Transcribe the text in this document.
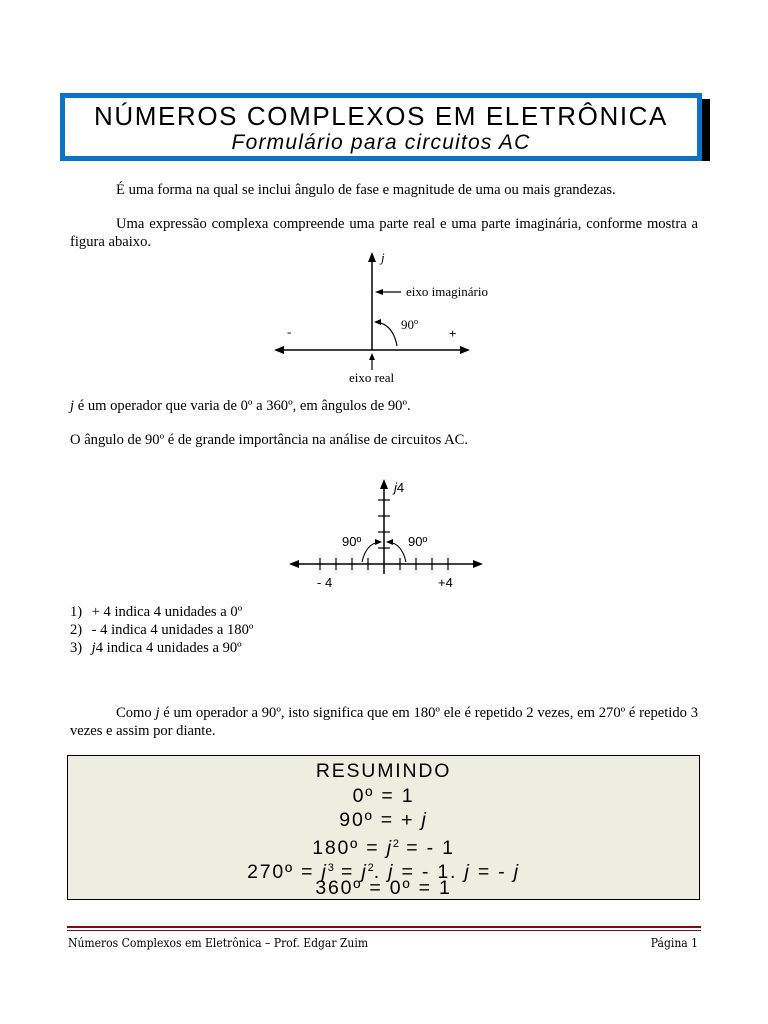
NÚMEROS COMPLEXOS EM ELETRÔNICA
Formulário para circuitos AC
É uma forma na qual se inclui ângulo de fase e magnitude de uma ou mais grandezas.
Uma expressão complexa compreende uma parte real e uma parte imaginária, conforme mostra a figura abaixo.
j
eixo imaginário
90º
-	+
eixo real
j é um operador que varia de 0º a 360º, em ângulos de 90º.
O ângulo de 90º é de grande importância na análise de circuitos AC.
j4
90º	90º
- 4	+4
1) + 4 indica 4 unidades a 0º
2) - 4 indica 4 unidades a 180º
3) j4 indica 4 unidades a 90º
Como j é um operador a 90º, isto significa que em 180º ele é repetido 2 vezes, em 270º é repetido 3 vezes e assim por diante.
RESUMINDO
0º = 1
90º = + j
180º = $j^2$ = - 1
270º = $j^3 = j^2$. j = - 1. j = - j
360º = 0º = 1
Números Complexos em Eletrônica – Prof. Edgar Zuim	Página 1
